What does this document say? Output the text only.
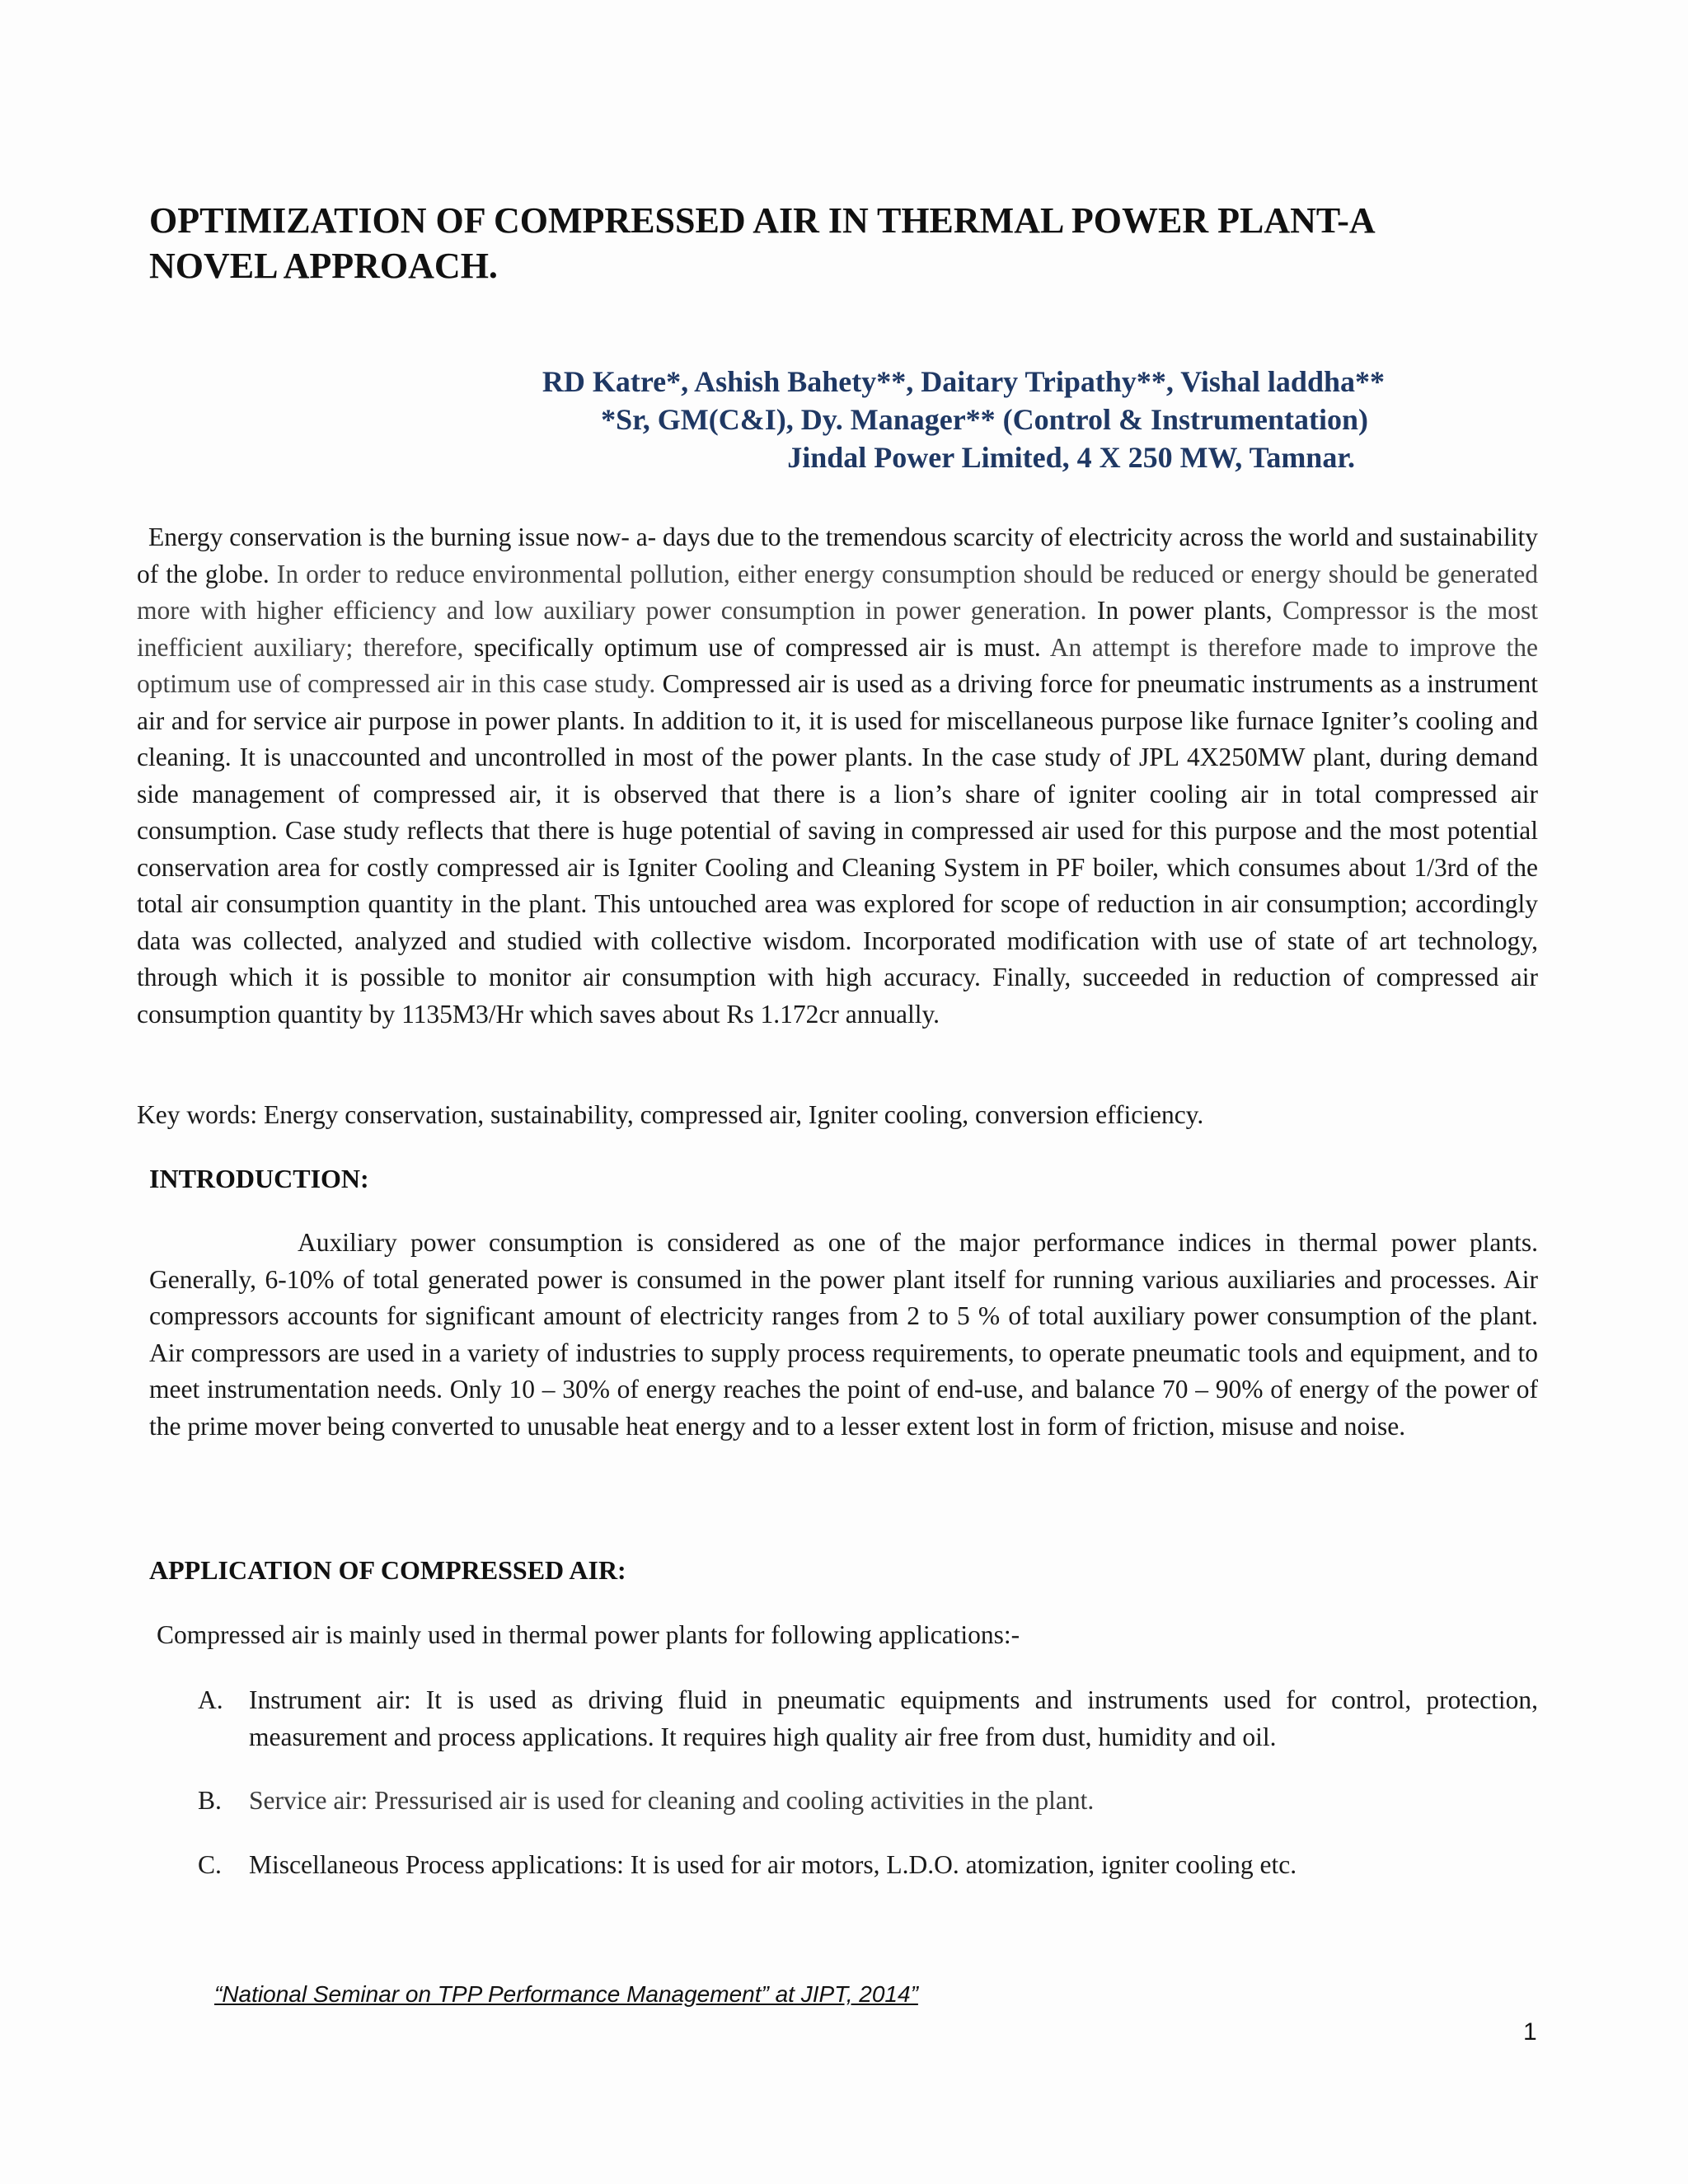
OPTIMIZATION OF COMPRESSED AIR IN THERMAL POWER PLANT-A
NOVEL APPROACH.
RD Katre*, Ashish Bahety**, Daitary Tripathy**, Vishal laddha**
*Sr, GM(C&I), Dy. Manager** (Control & Instrumentation)
Jindal Power Limited, 4 X 250 MW, Tamnar.

Energy conservation is the burning issue now- a- days due to the tremendous scarcity of electricity across the world and sustainability of the globe. In order to reduce environmental pollution, either energy consumption should be reduced or energy should be generated more with higher efficiency and low auxiliary power consumption in power generation. In power plants, Compressor is the most inefficient auxiliary; therefore, specifically optimum use of compressed air is must. An attempt is therefore made to improve the optimum use of compressed air in this case study. Compressed air is used as a driving force for pneumatic instruments as a instrument air and for service air purpose in power plants. In addition to it, it is used for miscellaneous purpose like furnace Igniter’s cooling and cleaning. It is unaccounted and uncontrolled in most of the power plants. In the case study of JPL 4X250MW plant, during demand side management of compressed air, it is observed that there is a lion’s share of igniter cooling air in total compressed air consumption. Case study reflects that there is huge potential of saving in compressed air used for this purpose and the most potential conservation area for costly compressed air is Igniter Cooling and Cleaning System in PF boiler, which consumes about 1/3rd of the total air consumption quantity in the plant. This untouched area was explored for scope of reduction in air consumption; accordingly data was collected, analyzed and studied with collective wisdom. Incorporated modification with use of state of art technology, through which it is possible to monitor air consumption with high accuracy. Finally, succeeded in reduction of compressed air consumption quantity by 1135M3/Hr which saves about Rs 1.172cr annually.

Key words: Energy conservation, sustainability, compressed air, Igniter cooling, conversion efficiency.

INTRODUCTION:

Auxiliary power consumption is considered as one of the major performance indices in thermal power plants. Generally, 6-10% of total generated power is consumed in the power plant itself for running various auxiliaries and processes. Air compressors accounts for significant amount of electricity ranges from 2 to 5 % of total auxiliary power consumption of the plant. Air compressors are used in a variety of industries to supply process requirements, to operate pneumatic tools and equipment, and to meet instrumentation needs. Only 10 – 30% of energy reaches the point of end-use, and balance 70 – 90% of energy of the power of the prime mover being converted to unusable heat energy and to a lesser extent lost in form of friction, misuse and noise.

APPLICATION OF COMPRESSED AIR:

Compressed air is mainly used in thermal power plants for following applications:-

A. Instrument air: It is used as driving fluid in pneumatic equipments and instruments used for control, protection, measurement and process applications. It requires high quality air free from dust, humidity and oil.
B.	Service air: Pressurised air is used for cleaning and cooling activities in the plant.
C.	Miscellaneous Process applications: It is used for air motors, L.D.O. atomization, igniter cooling etc.
“National Seminar on TPP Performance Management” at JIPT, 2014”
1
